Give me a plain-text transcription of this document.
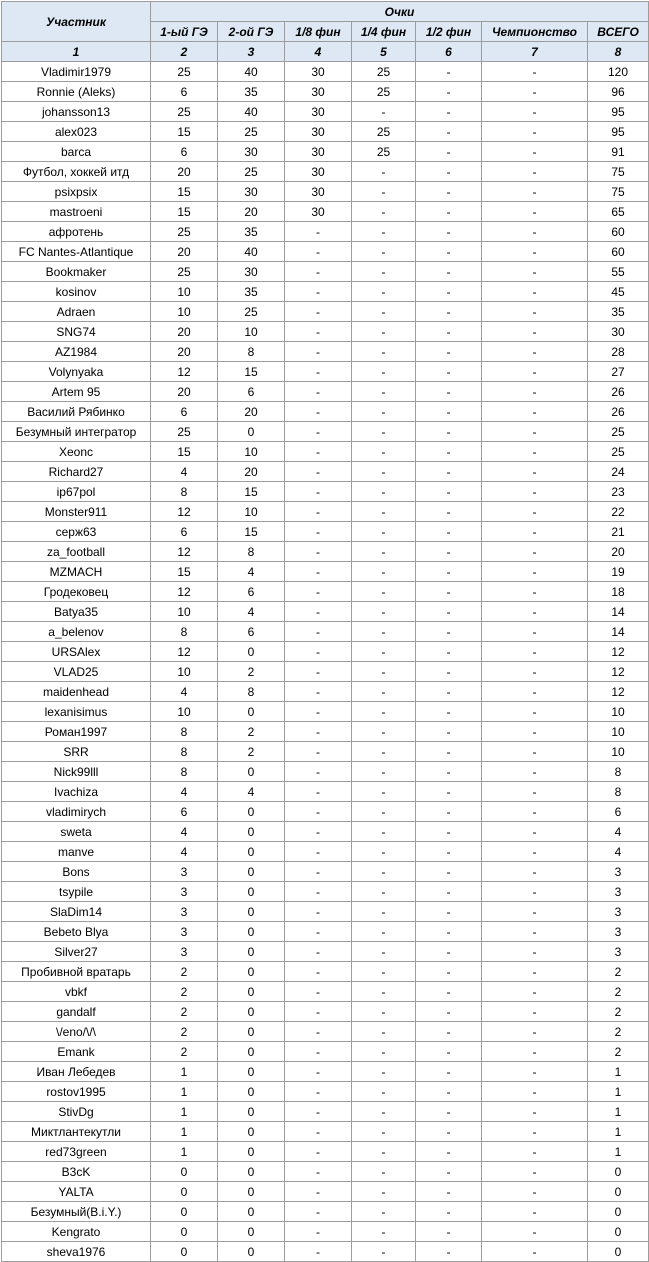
Участник	Очки						
	1-ый ГЭ	2-ой ГЭ	1/8 фин	1/4 фин	1/2 фин	Чемпионство	ВСЕГО
1	2	3	4	5	6	7	8
Vladimir1979	25	40	30	25	-	-	120
Ronnie (Aleks)	6	35	30	25	-	-	96
johansson13	25	40	30	-	-	-	95
alex023	15	25	30	25	-	-	95
barca	6	30	30	25	-	-	91
Футбол, хоккей итд	20	25	30	-	-	-	75
psixpsix	15	30	30	-	-	-	75
mastroeni	15	20	30	-	-	-	65
афротень	25	35	-	-	-	-	60
FC Nantes-Atlantique	20	40	-	-	-	-	60
Bookmaker	25	30	-	-	-	-	55
kosinov	10	35	-	-	-	-	45
Adraen	10	25	-	-	-	-	35
SNG74	20	10	-	-	-	-	30
AZ1984	20	8	-	-	-	-	28
Volynyaka	12	15	-	-	-	-	27
Artem 95	20	6	-	-	-	-	26
Василий Рябинко	6	20	-	-	-	-	26
Безумный интегратор	25	0	-	-	-	-	25
Xeonc	15	10	-	-	-	-	25
Richard27	4	20	-	-	-	-	24
ip67pol	8	15	-	-	-	-	23
Monster911	12	10	-	-	-	-	22
серж63	6	15	-	-	-	-	21
za_football	12	8	-	-	-	-	20
MZMACH	15	4	-	-	-	-	19
Гродековец	12	6	-	-	-	-	18
Batya35	10	4	-	-	-	-	14
a_belenov	8	6	-	-	-	-	14
URSAlex	12	0	-	-	-	-	12
VLAD25	10	2	-	-	-	-	12
maidenhead	4	8	-	-	-	-	12
lexanisimus	10	0	-	-	-	-	10
Роман1997	8	2	-	-	-	-	10
SRR	8	2	-	-	-	-	10
Nick99lll	8	0	-	-	-	-	8
Ivachiza	4	4	-	-	-	-	8
vladimirych	6	0	-	-	-	-	6
sweta	4	0	-	-	-	-	4
manve	4	0	-	-	-	-	4
Bons	3	0	-	-	-	-	3
tsypile	3	0	-	-	-	-	3
SlaDim14	3	0	-	-	-	-	3
Bebeto Blya	3	0	-	-	-	-	3
Silver27	3	0	-	-	-	-	3
Пробивной вратарь	2	0	-	-	-	-	2
vbkf	2	0	-	-	-	-	2
gandalf	2	0	-	-	-	-	2
\/eno/\/\	2	0	-	-	-	-	2
Emank	2	0	-	-	-	-	2
Иван Лебедев	1	0	-	-	-	-	1
rostov1995	1	0	-	-	-	-	1
StivDg	1	0	-	-	-	-	1
Миктлантекутли	1	0	-	-	-	-	1
red73green	1	0	-	-	-	-	1
B3cK	0	0	-	-	-	-	0
YALTA	0	0	-	-	-	-	0
Безумный(B.i.Y.)	0	0	-	-	-	-	0
Kengrato	0	0	-	-	-	-	0
sheva1976	0	0	-	-	-	-	0
